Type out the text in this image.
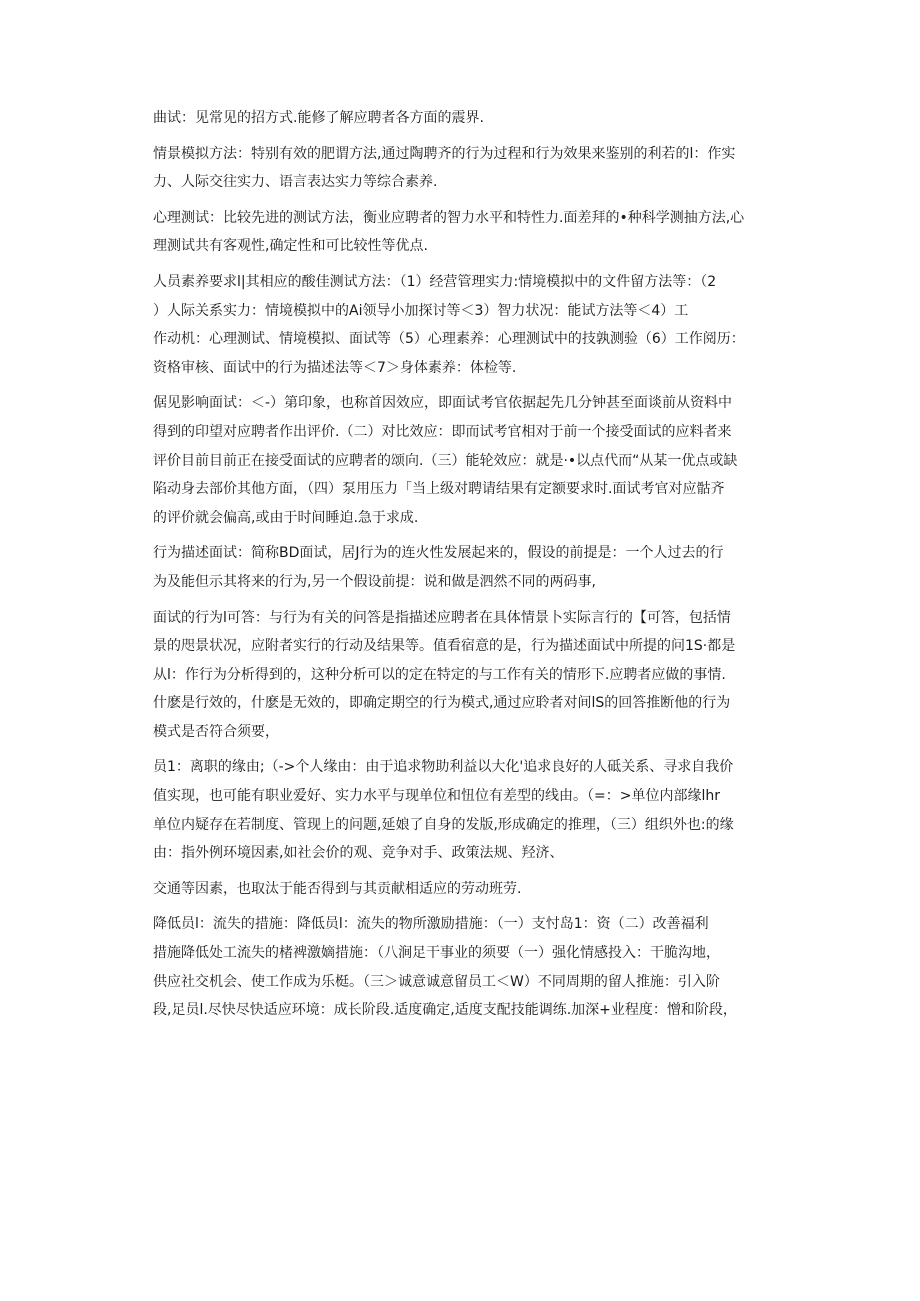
曲试：见常见的招方式.能修了解应聘者各方面的震界.

情景模拟方法：特别有效的肥谓方法,通过陶聘齐的行为过程和行为效果来鉴别的利若的l：作实
力、人际交往实力、语言表达实力等综合素养.

心理测试：比较先进的测试方法，衡业应聘者的智力水平和特性力.面差拜的•种科学测抽方法,心
理测试共有客观性,确定性和可比较性等优点.

人员素养要求l|其相应的酸佳测试方法：（1）经营管理实力:情境模拟中的文件留方法等：（2
）人际关系实力：情境模拟中的Ai领导小加探讨等＜3）智力状况：能试方法等＜4）工
作动机：心理测试、情境模拟、面试等（5）心理素养：心理测试中的技孰测验（6）工作阅历：
资格审核、面试中的行为描述法等＜7＞身体素养：体检等.

倨见影响面试：＜-）第印象，也称首因效应，即面试考官依据起先几分钟甚至面谈前从资料中
得到的印望对应聘者作出评价.（二）对比效应：即而试考官相对于前一个接受面试的应料者来
评价目前目前正在接受面试的应聘者的颂向.（三）能轮效应：就是·•以点代而“从某一优点或缺
陷动身去部价其他方面，（四）泵用压力「当上级对聘请结果有定额要求时.面试考官对应骷齐
的评价就会偏高,或由于时间睡迫.急于求成.

行为描述面试：简称BD面试，居J行为的连火性发展起来的，假设的前提是：一个人过去的行
为及能但示其将来的行为,另一个假设前提：说和做是泗然不同的两码事,

面试的行为l可答：与行为有关的问答是指描述应聘者在具体情景卜实际言行的【可答，包括情
景的咫景状况，应附者实行的行动及结果等。值看宿意的是，行为描述面试中所提的问1S·都是
从l：作行为分析得到的，这种分析可以的定在特定的与工作有关的情形下.应聘者应做的事情.
什麽是行效的，什麽是无效的，即确定期空的行为模式,通过应聆者对间lS的回答推断他的行为
模式是否符合须要，

员1：离职的缘由;（->个人缘由：由于追求物助利益以大化'追求良好的人砥关系、寻求自我价
值实现，也可能有职业爱好、实力水平与现单位和忸位有差型的线由。（=：>单位内部缘lhr
单位内疑存在若制度、管现上的问题,延娘了自身的发版,形成确定的推理，（三）组织外也:的缘
由：指外例环境因素,如社会价的观、竞争对手、政策法规、羟济、

交通等因素，也取汰于能否得到与其贡献相适应的劳动班劳.

降低员l：流失的措施：降低员l：流失的物所激励措施：（一）支忖岛1：资（二）改善福利
措施降低处工流失的楮裨激嫡措施：（八涧足干事业的须要（一）强化情感投入：干脆沟地，
供应社交机会、使工作成为乐梃。（三＞诚意诚意留员工＜W）不同周期的留人推施：引入阶
段,足员l.尽快尽快适应环境：成长阶段.适度确定,适度支配技能调练.加深+业程度：憎和阶段，
